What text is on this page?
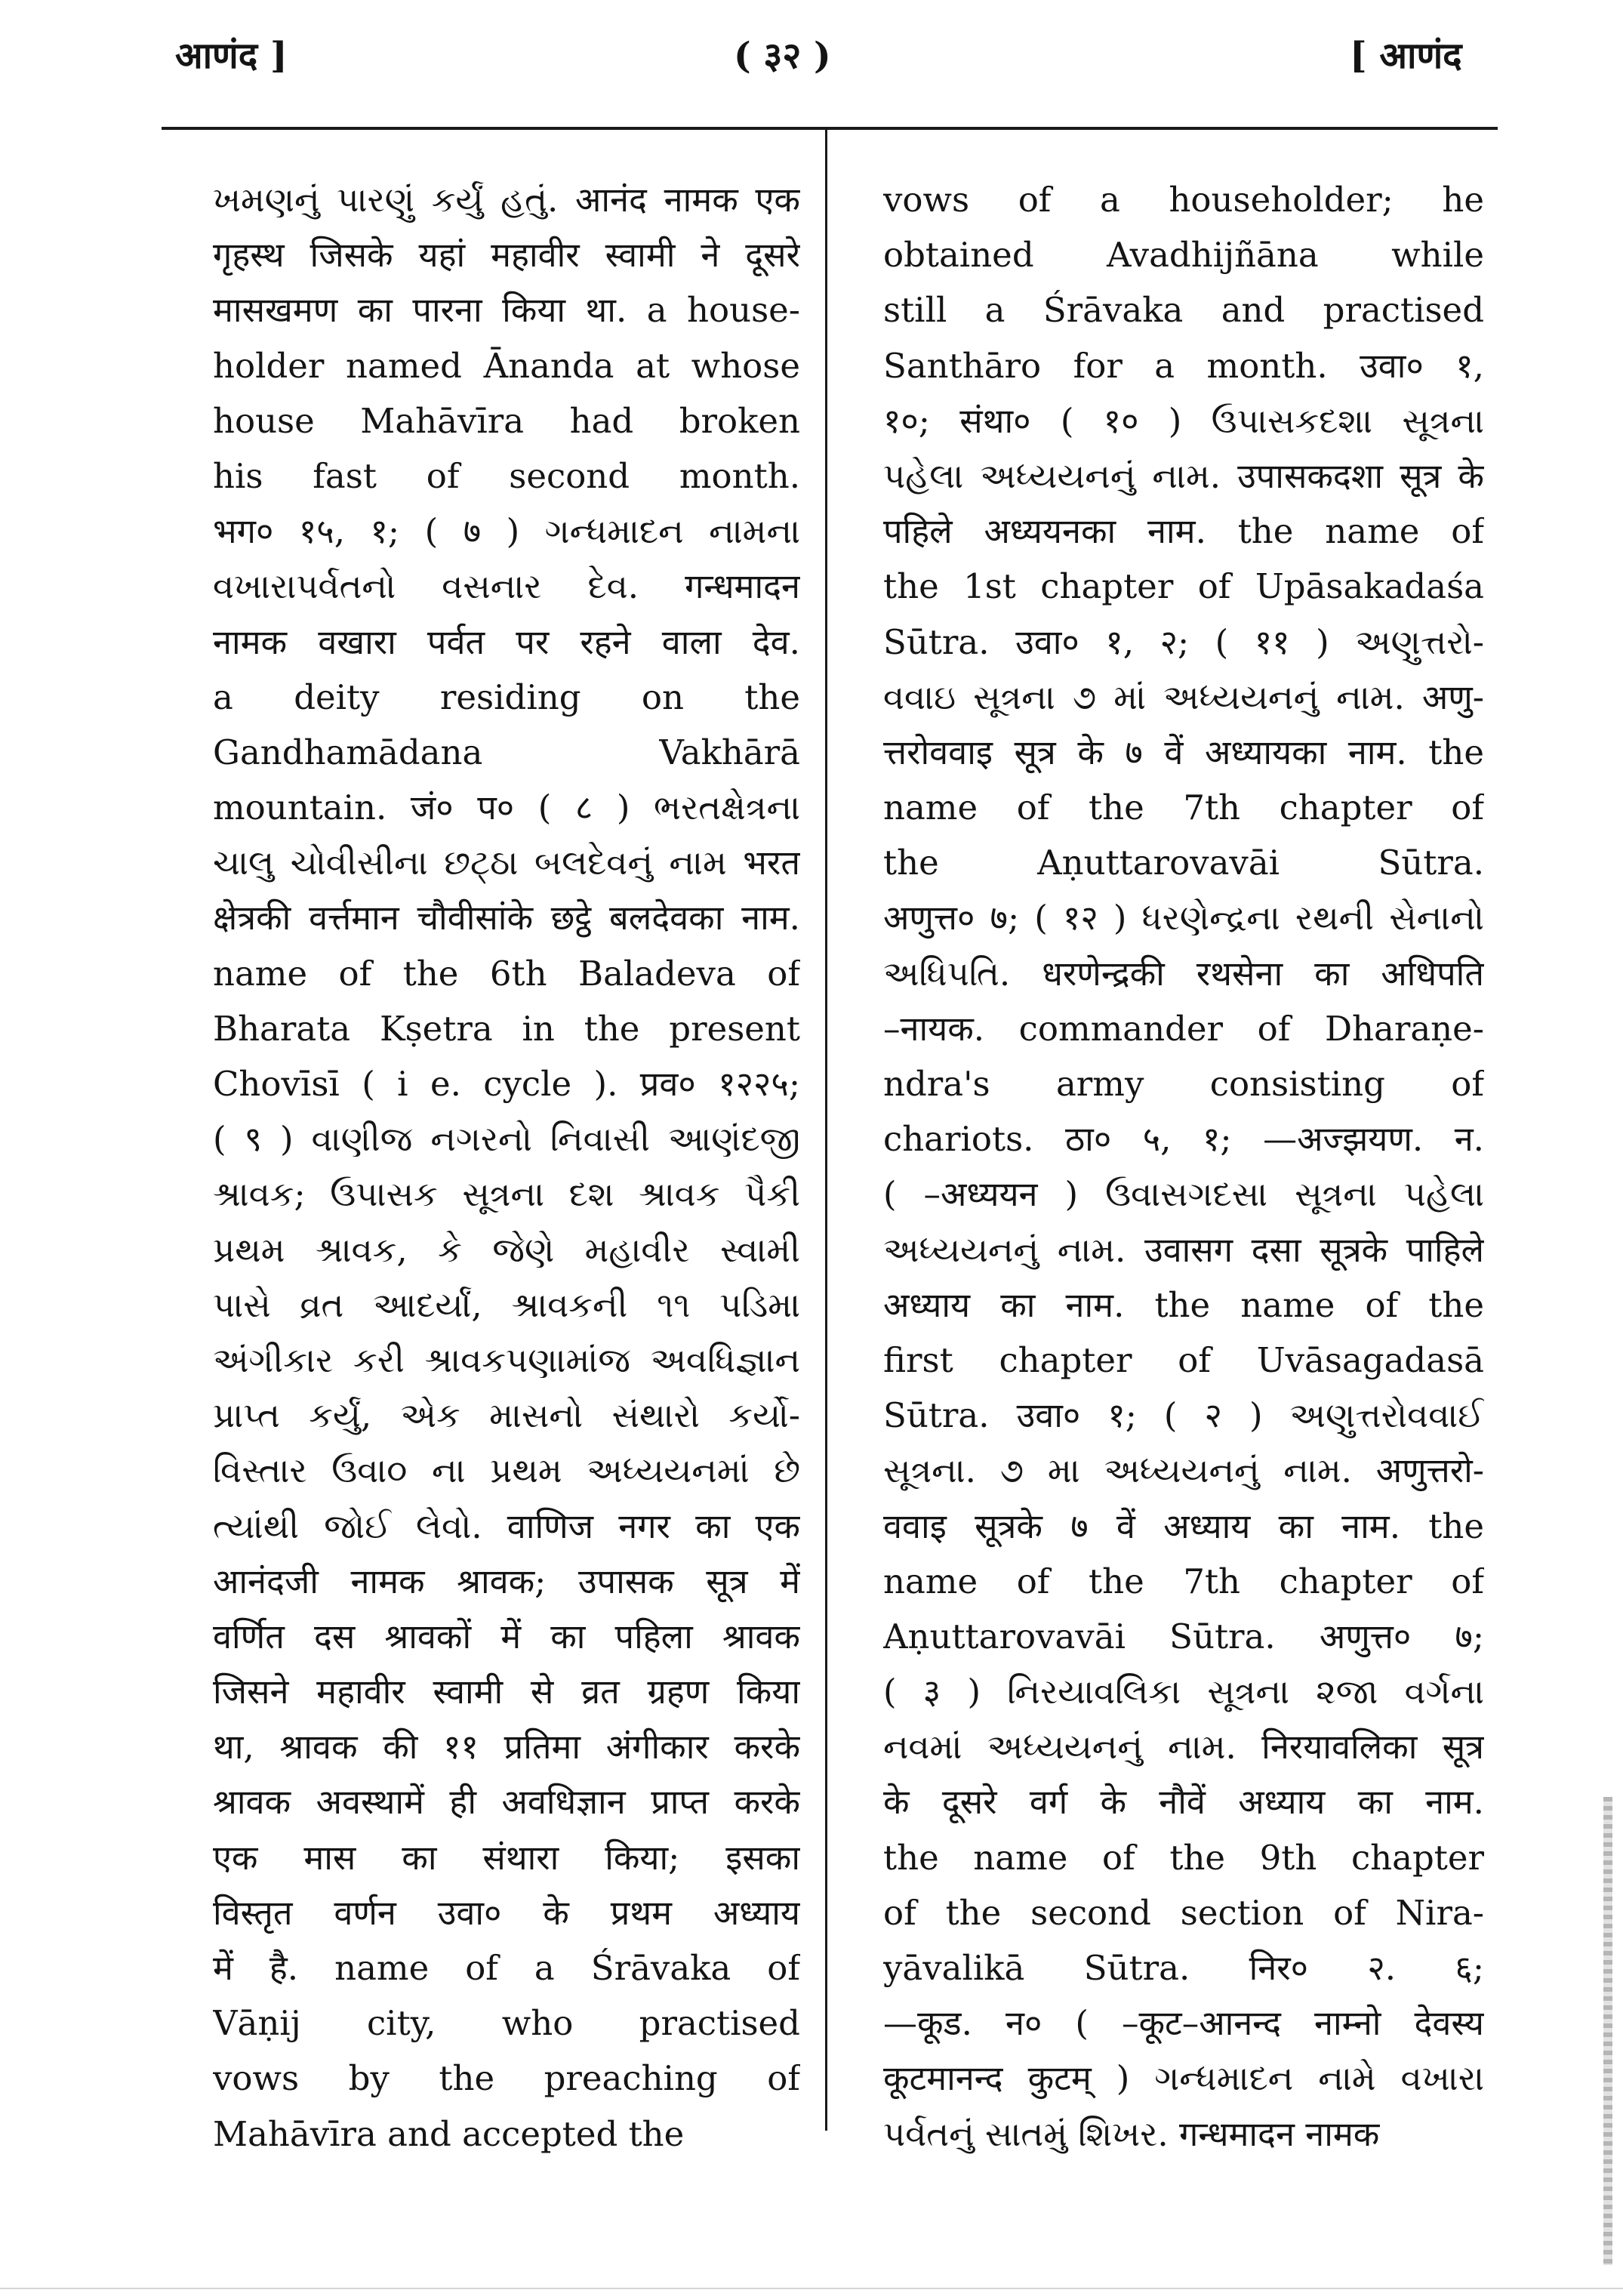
आणंद ]	( ३२ )	[ आणंद
ખમણનું પારણું કર્યું હતું. आनंद नामक एक
गृहस्थ जिसके यहां महावीर स्वामी ने दूसरे
मासखमण का पारना किया था. a house-
holder named Ānanda at whose
house Mahāvīra had broken
his fast of second month.
भग० १५, १; ( ७ ) ગન્ધમાદન નામના
વખારાપર્વતનો વસનાર દેવ. गन्धमादन
नामक वखारा पर्वत पर रहने वाला देव.
a deity residing on the
Gandhamādana Vakhārā
mountain. जं० प० ( ८ ) ભરતક્ષેત્રના
ચાલુ ચોવીસીના છટ્ઠા બલદેવનું નામ भरत
क्षेत्रकी वर्त्तमान चौवीसांके छट्ठे बलदेवका नाम.
name of the 6th Baladeva of
Bharata Kṣetra in the present
Chovīsī ( i e. cycle ). प्रव० १२२५;
( ९ ) વાણીજ નગરનો નિવાસી આણંદજી
શ્રાવક; ઉપાસક સૂત્રના દશ શ્રાવક પૈકી
પ્રથમ શ્રાવક, કે જેણે મહાવીર સ્વામી
પાસે વ્રત આદર્યાં, શ્રાવકની ૧૧ પડિમા
અંગીકાર કરી શ્રાવકપણામાંજ અવધિજ્ઞાન
પ્રાપ્ત કર્યું, એક માસનો સંથારો કર્યો-
વિસ્તાર ઉવા૦ ના પ્રથમ અધ્યયનમાં છે
ત્યાંથી જોઈ લેવો. वाणिज नगर का एक
आनंदजी नामक श्रावक; उपासक सूत्र में
वर्णित दस श्रावकों में का पहिला श्रावक
जिसने महावीर स्वामी से व्रत ग्रहण किया
था, श्रावक की ११ प्रतिमा अंगीकार करके
श्रावक अवस्थामें ही अवधिज्ञान प्राप्त करके
एक मास का संथारा किया; इसका
विस्तृत वर्णन उवा० के प्रथम अध्याय
में है. name of a Śrāvaka of
Vāṇij city, who practised
vows by the preaching of
Mahāvīra and accepted the
vows of a householder; he
obtained Avadhijñāna while
still a Śrāvaka and practised
Santhāro for a month. उवा० १,
१०; संथा० ( १० ) ઉપાસકદશા સૂત્રના
પહેલા અધ્યયનનું નામ. उपासकदशा सूत्र के
पहिले अध्ययनका नाम. the name of
the 1st chapter of Upāsakadaśa
Sūtra. उवा० १, २; ( ११ ) અણુત્તરો-
વવાઇ સૂત્રના ૭ માં અધ્યયનનું નામ. अणु-
त्तरोववाइ सूत्र के ७ वें अध्यायका नाम. the
name of the 7th chapter of
the Aṇuttarovavāi Sūtra.
अणुत्त० ७; ( १२ ) ધરણેન્દ્રના રથની સેનાનો
અધિપતિ. धरणेन्द्रकी रथसेना का अधिपति
–नायक. commander of Dharaṇe-
ndra's army consisting of
chariots. ठा० ५, १; —अज्झयण. न.
( –अध्ययन ) ઉવાસગદસા સૂત્રના પહેલા
અધ્યયનનું નામ. उवासग दसा सूत्रके पाहिले
अध्याय का नाम. the name of the
first chapter of Uvāsagadasā
Sūtra. उवा० १; ( २ ) અણુત્તરોવવાઈ
સૂત્રના. ૭ મા અધ્યયનનું નામ. अणुत्तरो-
ववाइ सूत्रके ७ वें अध्याय का नाम. the
name of the 7th chapter of
Aṇuttarovavāi Sūtra. अणुत्त० ७;
( ३ ) નિરયાવલિકા સૂત્રના ૨જા વર્ગના
નવમાં અધ્યયનનું નામ. निरयावलिका सूत्र
के दूसरे वर्ग के नौवें अध्याय का नाम.
the name of the 9th chapter
of the second section of Nira-
yāvalikā Sūtra. निर० २. ६;
—कूड. न० ( –कूट–आनन्द नाम्नो देवस्य
कूटमानन्द कुटम् ) ગન્ધમાદન નામે વખારા
પર્વતનું સાતમું શિખર. गन्धमादन नामक
